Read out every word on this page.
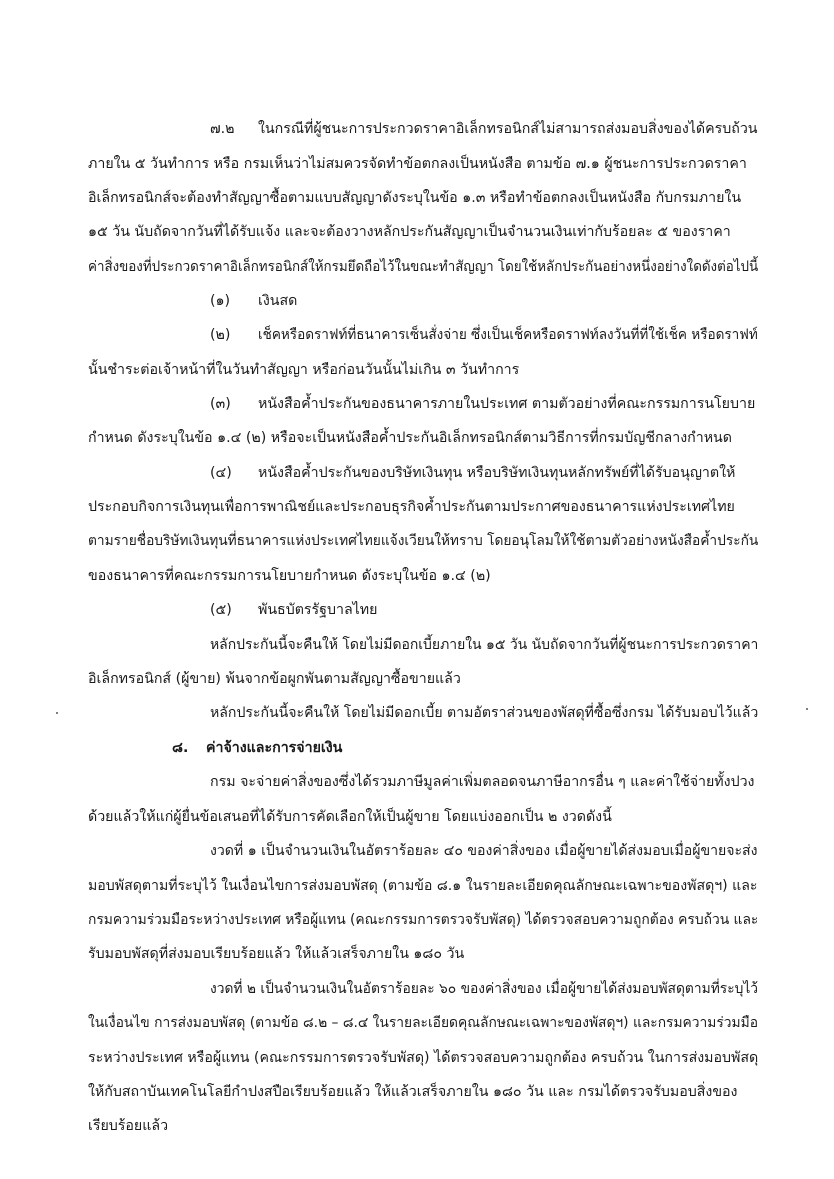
๗.๒ ในกรณีที่ผู้ชนะการประกวดราคาอิเล็กทรอนิกส์ไม่สามารถส่งมอบสิ่งของได้ครบถ้วน
ภายใน ๕ วันทำการ หรือ กรมเห็นว่าไม่สมควรจัดทำข้อตกลงเป็นหนังสือ ตามข้อ ๗.๑ ผู้ชนะการประกวดราคา
อิเล็กทรอนิกส์จะต้องทำสัญญาซื้อตามแบบสัญญาดังระบุในข้อ ๑.๓ หรือทำข้อตกลงเป็นหนังสือ กับกรมภายใน
๑๕ วัน นับถัดจากวันที่ได้รับแจ้ง และจะต้องวางหลักประกันสัญญาเป็นจำนวนเงินเท่ากับร้อยละ ๕ ของราคา
ค่าสิ่งของที่ประกวดราคาอิเล็กทรอนิกส์ให้กรมยึดถือไว้ในขณะทำสัญญา โดยใช้หลักประกันอย่างหนึ่งอย่างใดดังต่อไปนี้
(๑) เงินสด
(๒) เช็คหรือดราฟท์ที่ธนาคารเซ็นสั่งจ่าย ซึ่งเป็นเช็คหรือดราฟท์ลงวันที่ที่ใช้เช็ค หรือดราฟท์
นั้นชำระต่อเจ้าหน้าที่ในวันทำสัญญา หรือก่อนวันนั้นไม่เกิน ๓ วันทำการ
(๓) หนังสือค้ำประกันของธนาคารภายในประเทศ ตามตัวอย่างที่คณะกรรมการนโยบาย
กำหนด ดังระบุในข้อ ๑.๔ (๒) หรือจะเป็นหนังสือค้ำประกันอิเล็กทรอนิกส์ตามวิธีการที่กรมบัญชีกลางกำหนด
(๔) หนังสือค้ำประกันของบริษัทเงินทุน หรือบริษัทเงินทุนหลักทรัพย์ที่ได้รับอนุญาตให้
ประกอบกิจการเงินทุนเพื่อการพาณิชย์และประกอบธุรกิจค้ำประกันตามประกาศของธนาคารแห่งประเทศไทย
ตามรายชื่อบริษัทเงินทุนที่ธนาคารแห่งประเทศไทยแจ้งเวียนให้ทราบ โดยอนุโลมให้ใช้ตามตัวอย่างหนังสือค้ำประกัน
ของธนาคารที่คณะกรรมการนโยบายกำหนด ดังระบุในข้อ ๑.๔ (๒)
(๕) พันธบัตรรัฐบาลไทย
หลักประกันนี้จะคืนให้ โดยไม่มีดอกเบี้ยภายใน ๑๕ วัน นับถัดจากวันที่ผู้ชนะการประกวดราคา
อิเล็กทรอนิกส์ (ผู้ขาย) พ้นจากข้อผูกพันตามสัญญาซื้อขายแล้ว
หลักประกันนี้จะคืนให้ โดยไม่มีดอกเบี้ย ตามอัตราส่วนของพัสดุที่ซื้อซึ่งกรม ได้รับมอบไว้แล้ว
๘. ค่าจ้างและการจ่ายเงิน
กรม จะจ่ายค่าสิ่งของซึ่งได้รวมภาษีมูลค่าเพิ่มตลอดจนภาษีอากรอื่น ๆ และค่าใช้จ่ายทั้งปวง
ด้วยแล้วให้แก่ผู้ยื่นข้อเสนอที่ได้รับการคัดเลือกให้เป็นผู้ขาย โดยแบ่งออกเป็น ๒ งวดดังนี้
งวดที่ ๑ เป็นจำนวนเงินในอัตราร้อยละ ๔๐ ของค่าสิ่งของ เมื่อผู้ขายได้ส่งมอบเมื่อผู้ขายจะส่ง
มอบพัสดุตามที่ระบุไว้ ในเงื่อนไขการส่งมอบพัสดุ (ตามข้อ ๘.๑ ในรายละเอียดคุณลักษณะเฉพาะของพัสดุฯ) และ
กรมความร่วมมือระหว่างประเทศ หรือผู้แทน (คณะกรรมการตรวจรับพัสดุ) ได้ตรวจสอบความถูกต้อง ครบถ้วน และ
รับมอบพัสดุที่ส่งมอบเรียบร้อยแล้ว ให้แล้วเสร็จภายใน ๑๘๐ วัน
งวดที่ ๒ เป็นจำนวนเงินในอัตราร้อยละ ๖๐ ของค่าสิ่งของ เมื่อผู้ขายได้ส่งมอบพัสดุตามที่ระบุไว้
ในเงื่อนไข การส่งมอบพัสดุ (ตามข้อ ๘.๒ – ๘.๔ ในรายละเอียดคุณลักษณะเฉพาะของพัสดุฯ) และกรมความร่วมมือ
ระหว่างประเทศ หรือผู้แทน (คณะกรรมการตรวจรับพัสดุ) ได้ตรวจสอบความถูกต้อง ครบถ้วน ในการส่งมอบพัสดุ
ให้กับสถาบันเทคโนโลยีกำปงสปือเรียบร้อยแล้ว ให้แล้วเสร็จภายใน ๑๘๐ วัน และ กรมได้ตรวจรับมอบสิ่งของ
เรียบร้อยแล้ว
